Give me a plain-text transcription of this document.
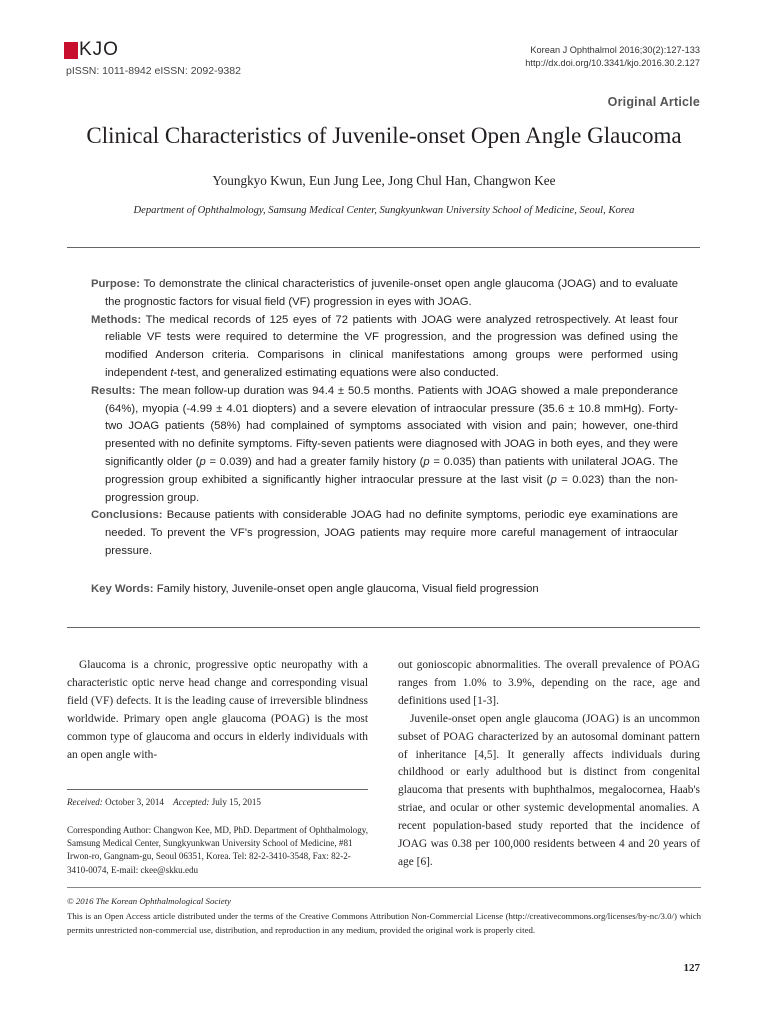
KJO
pISSN: 1011-8942 eISSN: 2092-9382
Korean J Ophthalmol 2016;30(2):127-133
http://dx.doi.org/10.3341/kjo.2016.30.2.127
Original Article
Clinical Characteristics of Juvenile-onset Open Angle Glaucoma
Youngkyo Kwun, Eun Jung Lee, Jong Chul Han, Changwon Kee
Department of Ophthalmology, Samsung Medical Center, Sungkyunkwan University School of Medicine, Seoul, Korea

Purpose: To demonstrate the clinical characteristics of juvenile-onset open angle glaucoma (JOAG) and to evaluate the prognostic factors for visual field (VF) progression in eyes with JOAG.

Methods: The medical records of 125 eyes of 72 patients with JOAG were analyzed retrospectively. At least four reliable VF tests were required to determine the VF progression, and the progression was defined using the modified Anderson criteria. Comparisons in clinical manifestations among groups were performed using independent t-test, and generalized estimating equations were also conducted.

Results: The mean follow-up duration was 94.4 ± 50.5 months. Patients with JOAG showed a male preponderance (64%), myopia (-4.99 ± 4.01 diopters) and a severe elevation of intraocular pressure (35.6 ± 10.8 mmHg). Forty-two JOAG patients (58%) had complained of symptoms associated with vision and pain; however, one-third presented with no definite symptoms. Fifty-seven patients were diagnosed with JOAG in both eyes, and they were significantly older (p = 0.039) and had a greater family history (p = 0.035) than patients with unilateral JOAG. The progression group exhibited a significantly higher intraocular pressure at the last visit (p = 0.023) than the non-progression group.

Conclusions: Because patients with considerable JOAG had no definite symptoms, periodic eye examinations are needed. To prevent the VF's progression, JOAG patients may require more careful management of intraocular pressure.

Key Words: Family history, Juvenile-onset open angle glaucoma, Visual field progression

Glaucoma is a chronic, progressive optic neuropathy with a characteristic optic nerve head change and corresponding visual field (VF) defects. It is the leading cause of irreversible blindness worldwide. Primary open angle glaucoma (POAG) is the most common type of glaucoma and occurs in elderly individuals with an open angle with-

Received: October 3, 2014 Accepted: July 15, 2015
Corresponding Author: Changwon Kee, MD, PhD. Department of Ophthalmology, Samsung Medical Center, Sungkyunkwan University School of Medicine, #81 Irwon-ro, Gangnam-gu, Seoul 06351, Korea. Tel: 82-2-3410-3548, Fax: 82-2-3410-0074, E-mail: ckee@skku.edu

out gonioscopic abnormalities. The overall prevalence of POAG ranges from 1.0% to 3.9%, depending on the race, age and definitions used [1-3].

Juvenile-onset open angle glaucoma (JOAG) is an uncommon subset of POAG characterized by an autosomal dominant pattern of inheritance [4,5]. It generally affects individuals during childhood or early adulthood but is distinct from congenital glaucoma that presents with buphthalmos, megalocornea, Haab's striae, and ocular or other systemic developmental anomalies. A recent population-based study reported that the incidence of JOAG was 0.38 per 100,000 residents between 4 and 20 years of age [6].

© 2016 The Korean Ophthalmological Society
This is an Open Access article distributed under the terms of the Creative Commons Attribution Non-Commercial License (http://creativecommons.org/licenses/by-nc/3.0/) which permits unrestricted non-commercial use, distribution, and reproduction in any medium, provided the original work is properly cited.
127
